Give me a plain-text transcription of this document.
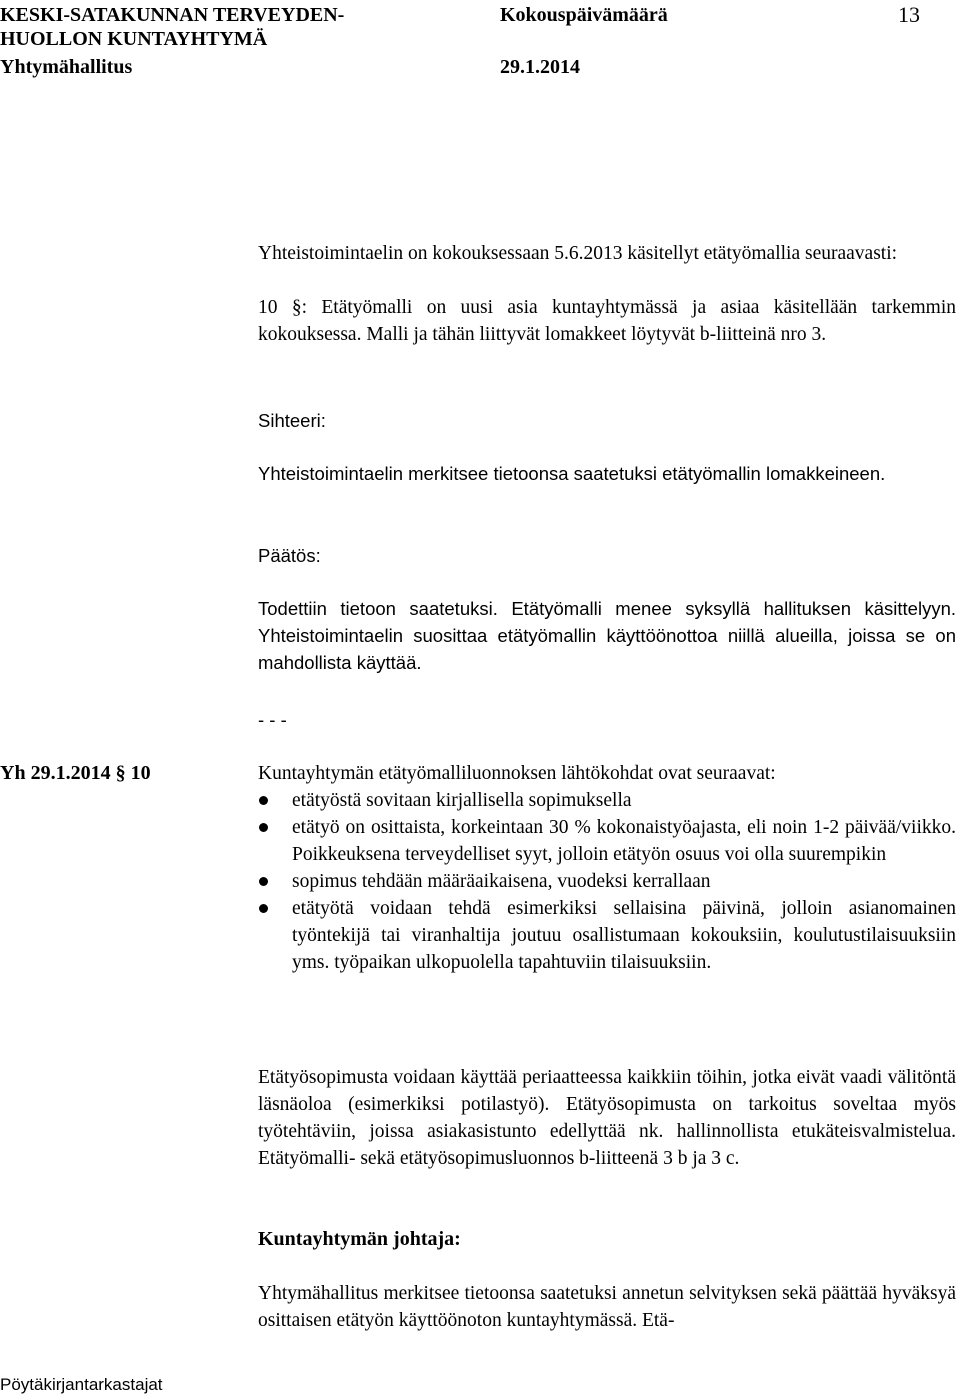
KESKI-SATAKUNNAN TERVEYDEN-
HUOLLON KUNTAYHTYMÄ
Yhtymähallitus
Kokouspäivämäärä
29.1.2014
13
Yhteistoimintaelin on kokouksessaan 5.6.2013 käsitellyt etätyömallia seuraavasti:
10 §: Etätyömalli on uusi asia kuntayhtymässä ja asiaa käsitellään tarkemmin kokouksessa. Malli ja tähän liittyvät lomakkeet löytyvät b-liitteinä nro 3.
Sihteeri:
Yhteistoimintaelin merkitsee tietoonsa saatetuksi etätyömallin lomakkeineen.
Päätös:
Todettiin tietoon saatetuksi. Etätyömalli menee syksyllä hallituksen käsittelyyn. Yhteistoimintaelin suosittaa etätyömallin käyttöönottoa niillä alueilla, joissa se on mahdollista käyttää.
- - -
Yh 29.1.2014 § 10	Kuntayhtymän etätyömalliluonnoksen lähtökohdat ovat seuraavat:
etätyöstä sovitaan kirjallisella sopimuksella
etätyö on osittaista, korkeintaan 30 % kokonaistyöajasta, eli noin 1-2 päivää/viikko. Poikkeuksena terveydelliset syyt, jolloin etätyön osuus voi olla suurempikin
sopimus tehdään määräaikaisena, vuodeksi kerrallaan
etätyötä voidaan tehdä esimerkiksi sellaisina päivinä, jolloin asianomainen työntekijä tai viranhaltija joutuu osallistumaan kokouksiin, koulutustilaisuuksiin yms. työpaikan ulkopuolella tapahtuviin tilaisuuksiin.
Etätyösopimusta voidaan käyttää periaatteessa kaikkiin töihin, jotka eivät vaadi välitöntä läsnäoloa (esimerkiksi potilastyö). Etätyösopimusta on tarkoitus soveltaa myös työtehtäviin, joissa asiakasistunto edellyttää nk. hallinnollista etukäteisvalmistelua. Etätyömalli- sekä etätyösopimusluonnos b-liitteenä 3 b ja 3 c.
Kuntayhtymän johtaja:
Yhtymähallitus merkitsee tietoonsa saatetuksi annetun selvityksen sekä päättää hyväksyä osittaisen etätyön käyttöönoton kuntayhtymässä. Etä-
Pöytäkirjantarkastajat
